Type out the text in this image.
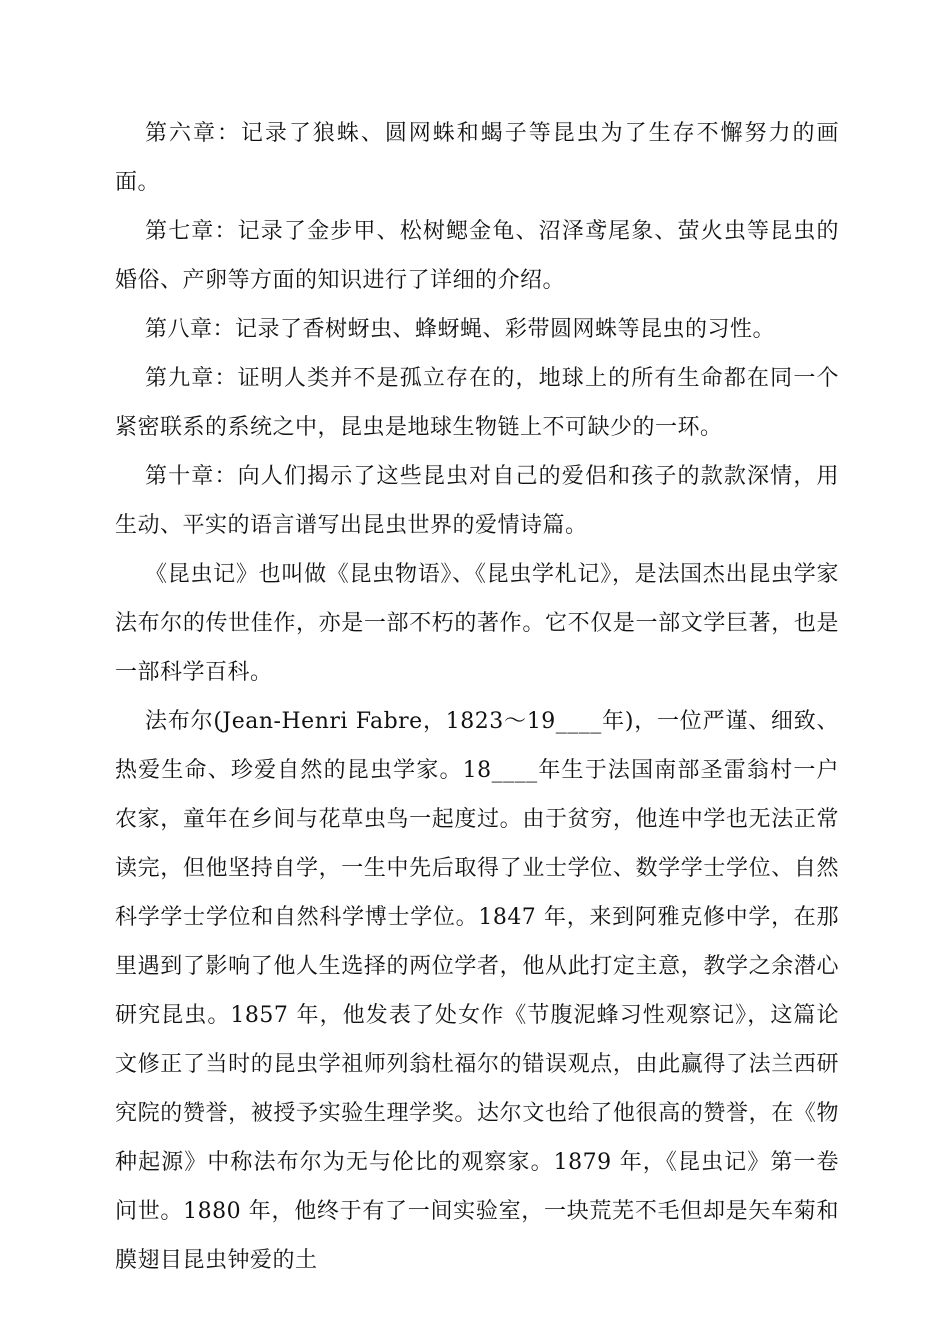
第六章：记录了狼蛛、圆网蛛和蝎子等昆虫为了生存不懈努力的画面。

第七章：记录了金步甲、松树鳃金龟、沼泽鸢尾象、萤火虫等昆虫的婚俗、产卵等方面的知识进行了详细的介绍。

第八章：记录了香树蚜虫、蜂蚜蝇、彩带圆网蛛等昆虫的习性。

第九章：证明人类并不是孤立存在的，地球上的所有生命都在同一个紧密联系的系统之中，昆虫是地球生物链上不可缺少的一环。

第十章：向人们揭示了这些昆虫对自己的爱侣和孩子的款款深情，用生动、平实的语言谱写出昆虫世界的爱情诗篇。

《昆虫记》也叫做《昆虫物语》、《昆虫学札记》，是法国杰出昆虫学家法布尔的传世佳作，亦是一部不朽的著作。它不仅是一部文学巨著，也是一部科学百科。

法布尔(Jean-Henri Fabre，1823～19____年)，一位严谨、细致、热爱生命、珍爱自然的昆虫学家。18____年生于法国南部圣雷翁村一户农家，童年在乡间与花草虫鸟一起度过。由于贫穷，他连中学也无法正常读完，但他坚持自学，一生中先后取得了业士学位、数学学士学位、自然科学学士学位和自然科学博士学位。1847 年，来到阿雅克修中学，在那里遇到了影响了他人生选择的两位学者，他从此打定主意，教学之余潜心研究昆虫。1857 年，他发表了处女作《节腹泥蜂习性观察记》，这篇论文修正了当时的昆虫学祖师列翁杜福尔的错误观点，由此赢得了法兰西研究院的赞誉，被授予实验生理学奖。达尔文也给了他很高的赞誉，在《物种起源》中称法布尔为无与伦比的观察家。1879 年，《昆虫记》第一卷问世。1880 年，他终于有了一间实验室，一块荒芜不毛但却是矢车菊和膜翅目昆虫钟爱的土
